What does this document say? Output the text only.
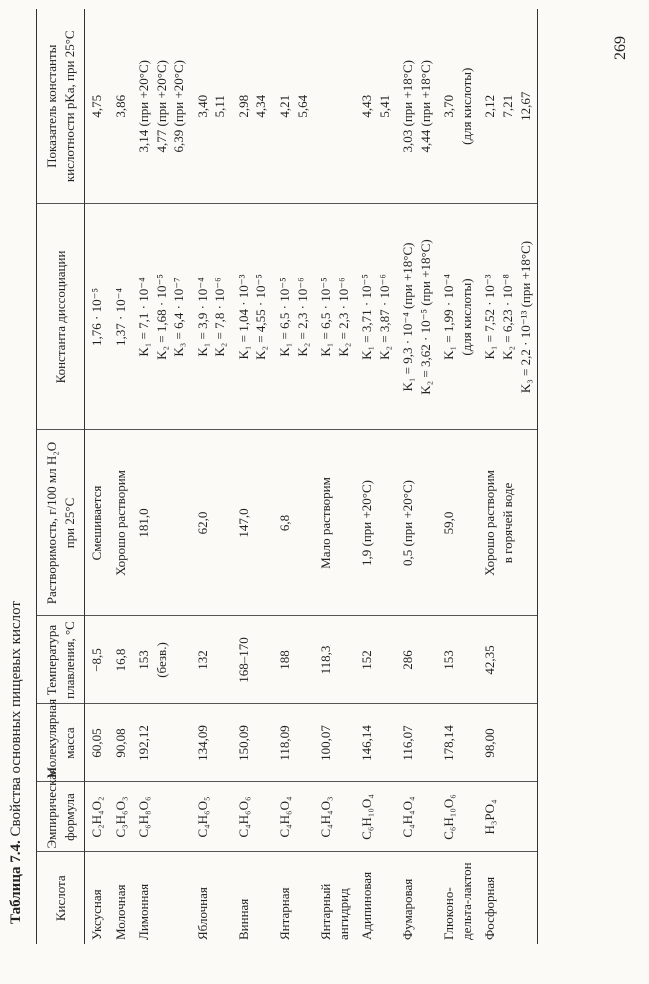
Таблица 7.4. Свойства основных пищевых кислот
Кислота	Эмпирическая формула	Молекулярная масса	Температура плавления, °С	Растворимость, г/100 мл H₂O при 25°С	Константа диссоциации	Показатель константы кислотности pKa, при 25°С

Уксусная	C₂H₄O₂	60,05	−8,5	Смешивается	1,76 · 10⁻⁵	4,75

Молочная	C₃H₆O₃	90,08	16,8	Хорошо растворим	1,37 · 10⁻⁴	3,86

Лимонная	C₆H₈O₆	192,12	153 (безв.)	181,0	K₁ = 7,1 · 10⁻⁴ K₂ = 1,68 · 10⁻⁵ K₃ = 6,4 · 10⁻⁷	3,14 (при +20°С) 4,77 (при +20°С) 6,39 (при +20°С)

Яблочная	C₄H₆O₅	134,09	132	62,0	K₁ = 3,9 · 10⁻⁴ K₂ = 7,8 · 10⁻⁶	3,40 5,11

Винная	C₄H₆O₆	150,09	168–170	147,0	K₁ = 1,04 · 10⁻³ K₂ = 4,55 · 10⁻⁵	2,98 4,34

Янтарная	C₄H₆O₄	118,09	188	6,8	K₁ = 6,5 · 10⁻⁵ K₂ = 2,3 · 10⁻⁶	4,21 5,64

Янтарный ангидрид	C₄H₄O₃	100,07	118,3	Мало растворим	K₁ = 6,5 · 10⁻⁵ K₂ = 2,3 · 10⁻⁶	

Адипиновая	C₆H₁₀O₄	146,14	152	1,9 (при +20°С)	K₁ = 3,71 · 10⁻⁵ K₂ = 3,87 · 10⁻⁶	4,43 5,41

Фумаровая	C₄H₄O₄	116,07	286	0,5 (при +20°С)	K₁ = 9,3 · 10⁻⁴ (при +18°С) K₂ = 3,62 · 10⁻⁵ (при +18°С)	3,03 (при +18°С) 4,44 (при +18°С)

Глюконо- дельта-лактон	C₆H₁₀O₆	178,14	153	59,0	K₁ = 1,99 · 10⁻⁴ (для кислоты)	3,70 (для кислоты)

Фосфорная	H₃PO₄	98,00	42,35	Хорошо растворим в горячей воде	K₁ = 7,52 · 10⁻³ K₂ = 6,23 · 10⁻⁸ K₃ = 2,2 · 10⁻¹³ (при +18°С)	2,12 7,21 12,67
269
